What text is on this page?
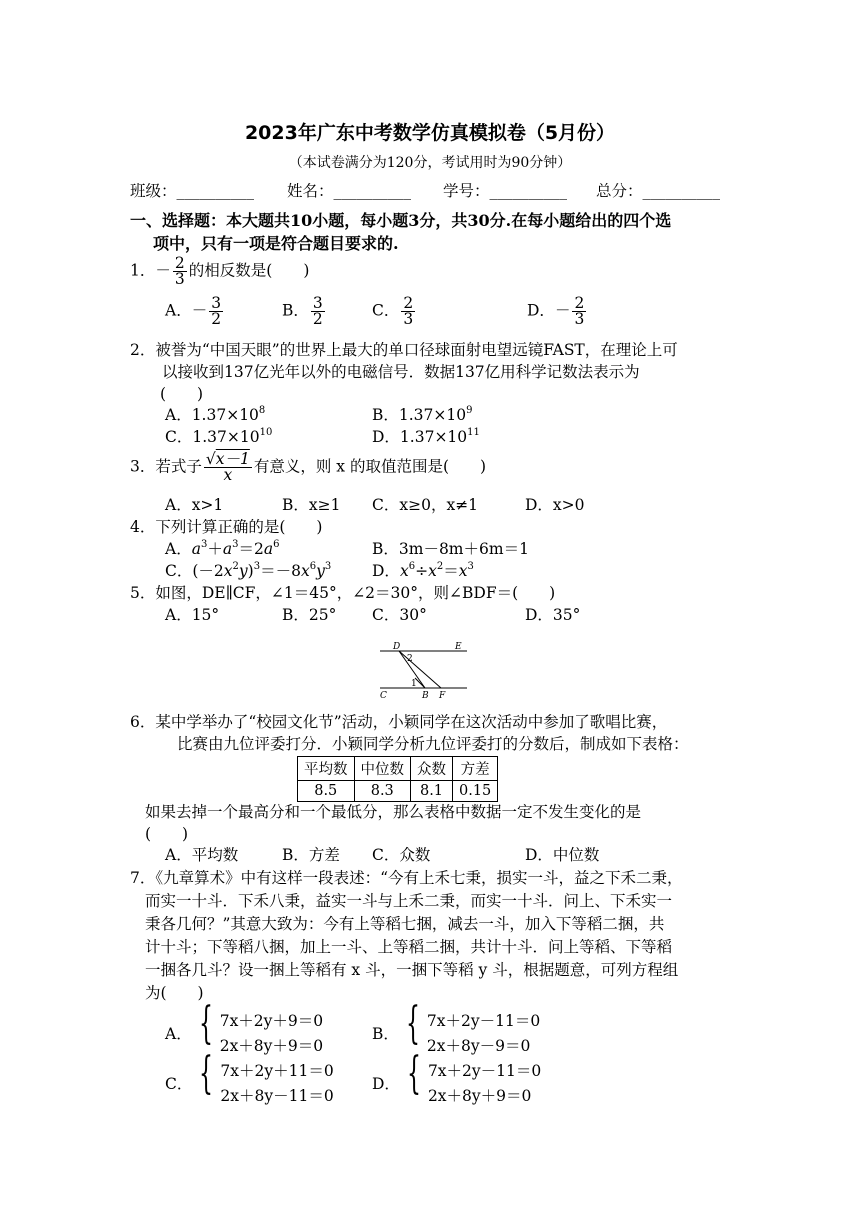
2023年广东中考数学仿真模拟卷（5月份）
（本试卷满分为120分，考试用时为90分钟）
班级：__________ 姓名：__________ 学号：__________ 总分：__________
一、选择题：本大题共10小题，每小题3分，共30分.在每小题给出的四个选
项中，只有一项是符合题目要求的.
1．－ $\frac{2}{3}$ 的相反数是(　　)
A．－ $\frac{3}{2}$	B． $\frac{3}{2}$	C． $\frac{2}{3}$	D．－ $\frac{2}{3}$
2．被誉为“中国天眼”的世界上最大的单口径球面射电望远镜FAST，在理论上可
以接收到137亿光年以外的电磁信号．数据137亿用科学记数法表示为
(　　)
A．$1.37\times 10^8$	B．$1.37\times 10^9$
C．$1.37\times 10^{10}$	D．$1.37\times 10^{11}$
3．若式子 $\frac{√x-1}{x}$ 有意义，则 x 的取值范围是(　　)
A．x>1	B．x≥1 C．x≥0，x≠1	D．x>0
4．下列计算正确的是(　　)
A．$a^3+a^3=2a^6$	B．3m－8m＋6m＝1
C．$(-2x^2y)^3=-8x^6y^3$	D．$x^6\div x^2=x^3$
5．如图，DE∥CF，∠1＝45°，∠2＝30°，则∠BDF＝(　　)
A．15°	B．25° C．30°	D．35°
D	E
2
1
C	B F
6．某中学举办了“校园文化节”活动，小颖同学在这次活动中参加了歌唱比赛，
比赛由九位评委打分．小颖同学分析九位评委打的分数后，制成如下表格：
平均数	中位数	众数	方差
8.5	8.3	8.1	0.15
如果去掉一个最高分和一个最低分，那么表格中数据一定不发生变化的是
(　　)
A．平均数	B．方差 C．众数	D．中位数
7．《九章算术》中有这样一段表述：“今有上禾七秉，损实一斗，益之下禾二秉，
而实一十斗．下禾八秉，益实一斗与上禾二秉，而实一十斗．问上、下禾实一
秉各几何？”其意大致为：今有上等稻七捆，减去一斗，加入下等稻二捆，共
计十斗；下等稻八捆，加上一斗、上等稻二捆，共计十斗．问上等稻、下等稻
一捆各几斗？设一捆上等稻有 x 斗，一捆下等稻 y 斗，根据题意，可列方程组
为(　　)
A． { 7x＋2y＋9＝0
2x＋8y＋9＝0
B． { 7x＋2y－11＝0
2x＋8y－9＝0
C． { 7x＋2y＋11＝0
2x＋8y－11＝0
D． { 7x＋2y－11＝0
2x＋8y＋9＝0
